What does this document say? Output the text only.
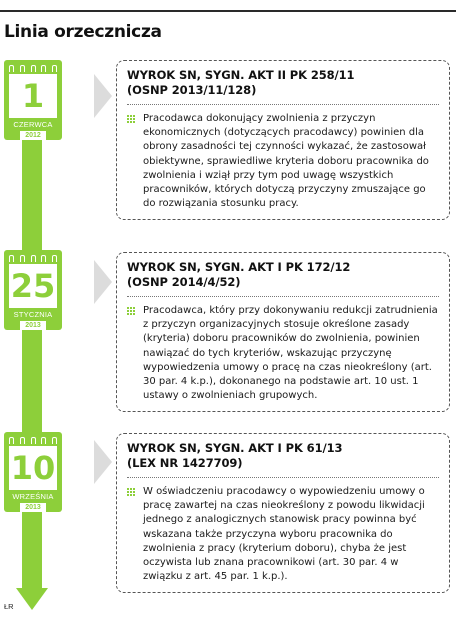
Linia orzecznicza
1
CZERWCA
2012
WYROK SN, SYGN. AKT II PK 258/11
(OSNP 2013/11/128)
Pracodawca dokonujący zwolnienia z przyczyn ekonomicznych (dotyczących pracodawcy) powinien dla obrony zasadności tej czynności wykazać, że zastosował obiektywne, sprawiedliwe kryteria doboru pracownika do zwolnienia i wziął przy tym pod uwagę wszystkich pracowników, których dotyczą przyczyny zmuszające go do rozwiązania stosunku pracy.
25
STYCZNIA
2013
WYROK SN, SYGN. AKT I PK 172/12
(OSNP 2014/4/52)
Pracodawca, który przy dokonywaniu redukcji zatrudnienia z przyczyn organizacyjnych stosuje określone zasady (kryteria) doboru pracowników do zwolnienia, powinien nawiązać do tych kryteriów, wskazując przyczynę wypowiedzenia umowy o pracę na czas nieokreślony (art. 30 par. 4 k.p.), dokonanego na podstawie art. 10 ust. 1 ustawy o zwolnieniach grupowych.
10
WRZEŚNIA
2013
WYROK SN, SYGN. AKT I PK 61/13
(LEX NR 1427709)
W oświadczeniu pracodawcy o wypowiedzeniu umowy o pracę zawartej na czas nieokreślony z powodu likwidacji jednego z analogicznych stanowisk pracy powinna być wskazana także przyczyna wyboru pracownika do zwolnienia z pracy (kryterium doboru), chyba że jest oczywista lub znana pracownikowi (art. 30 par. 4 w związku z art. 45 par. 1 k.p.).
ŁR
